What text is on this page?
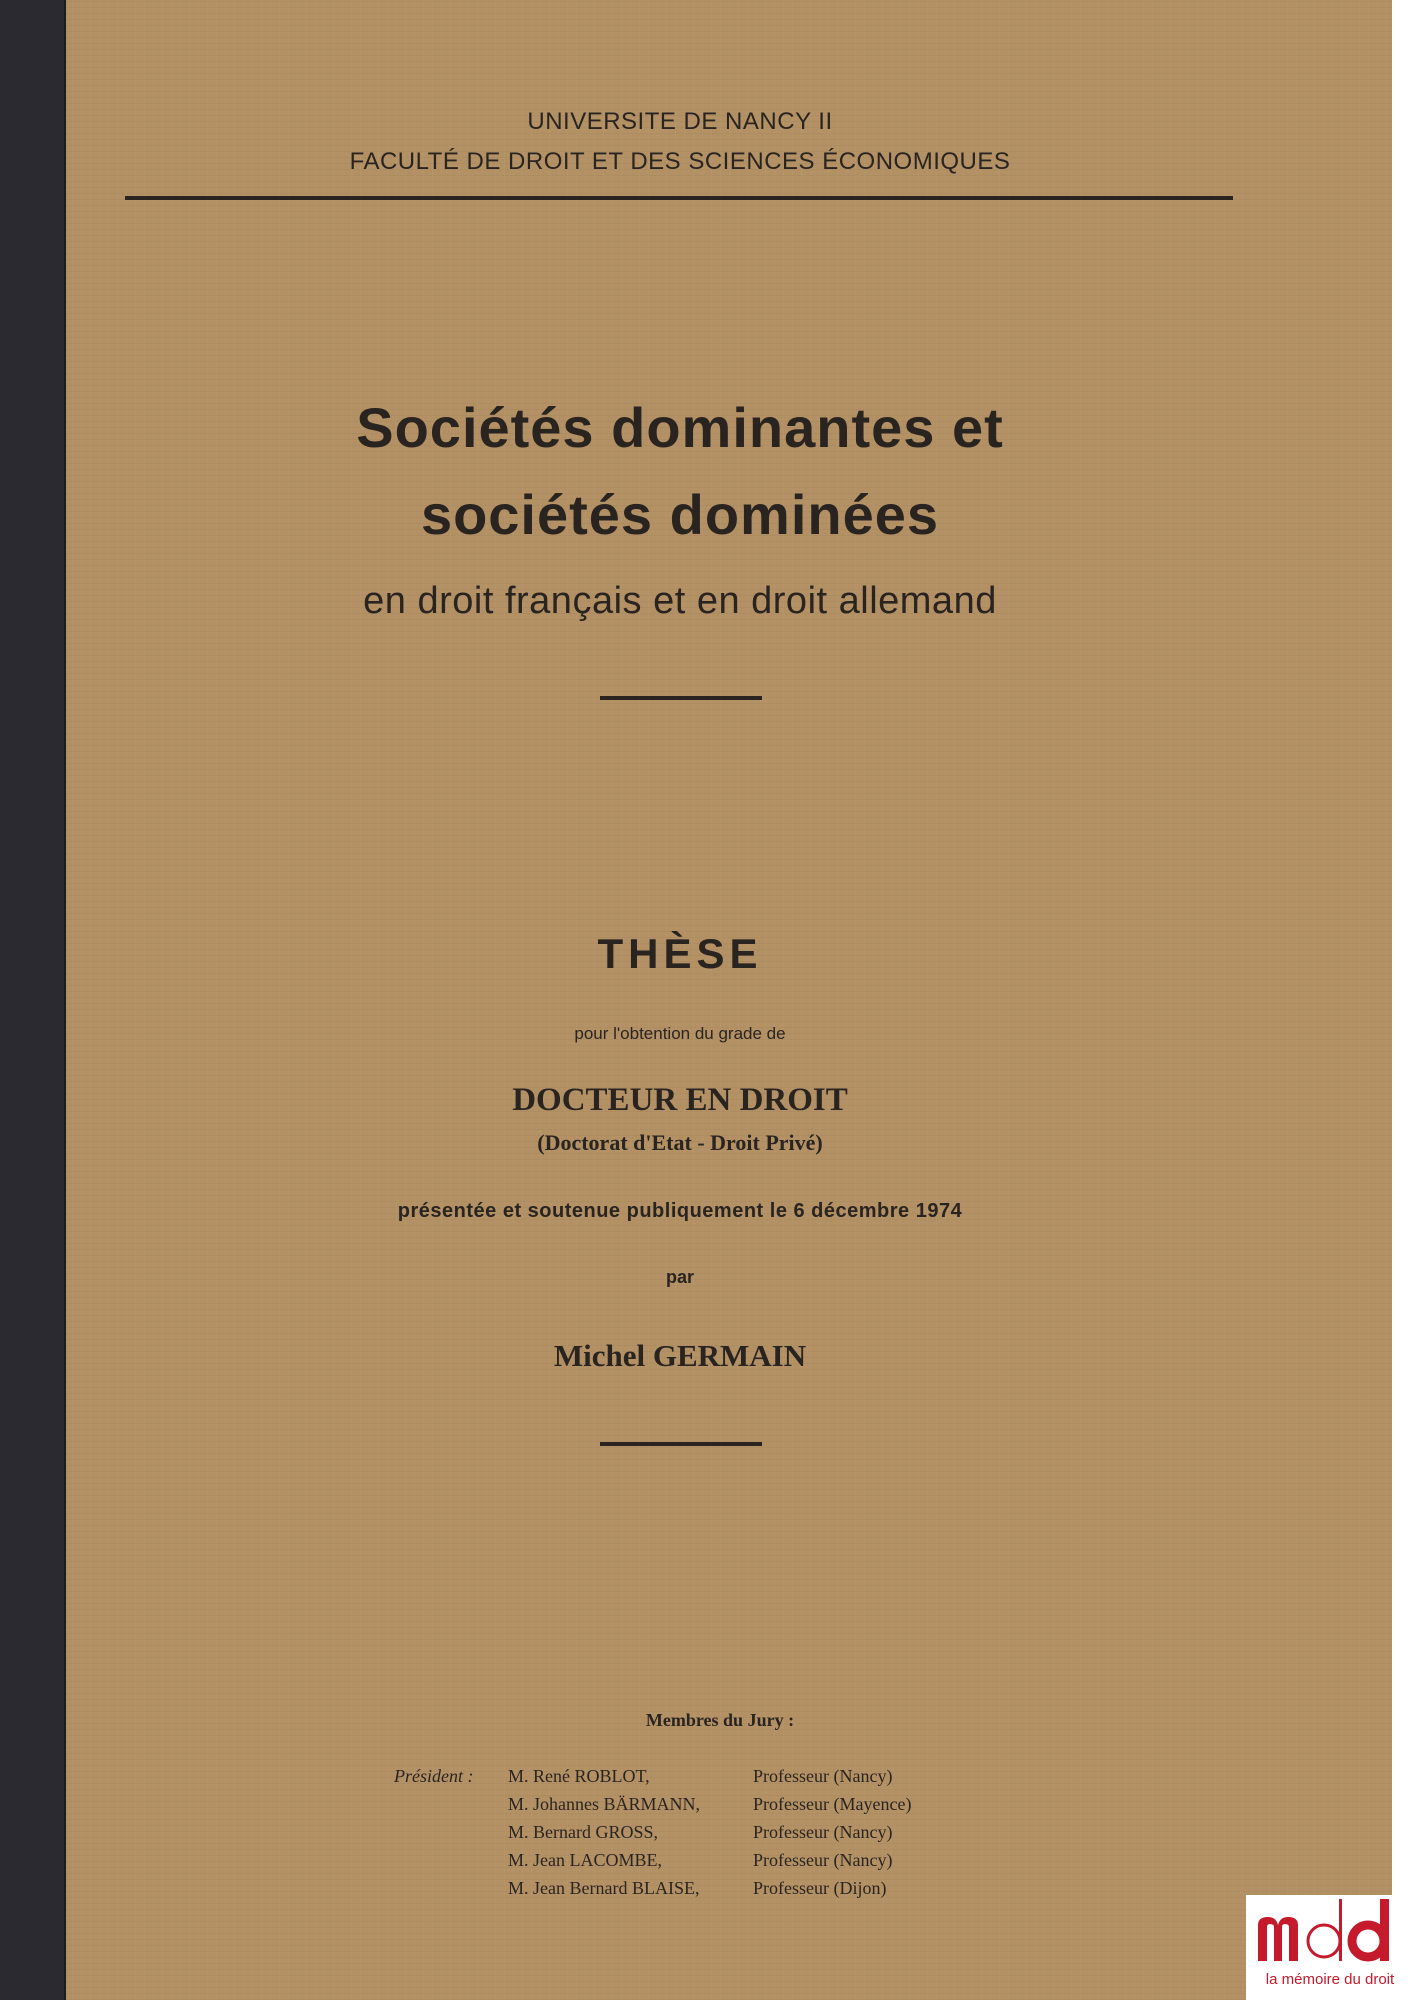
UNIVERSITE DE NANCY II
FACULTÉ DE DROIT ET DES SCIENCES ÉCONOMIQUES
Sociétés dominantes et
sociétés dominées
en droit français et en droit allemand
THÈSE
pour l'obtention du grade de
DOCTEUR EN DROIT
(Doctorat d'Etat - Droit Privé)
présentée et soutenue publiquement le 6 décembre 1974
par
Michel GERMAIN
Membres du Jury :
Président : M. René ROBLOT,	Professeur (Nancy)
M. Johannes BÄRMANN,	Professeur (Mayence)
M. Bernard GROSS,	Professeur (Nancy)
M. Jean LACOMBE,	Professeur (Nancy)
M. Jean Bernard BLAISE,	Professeur (Dijon)
la mémoire du droit
